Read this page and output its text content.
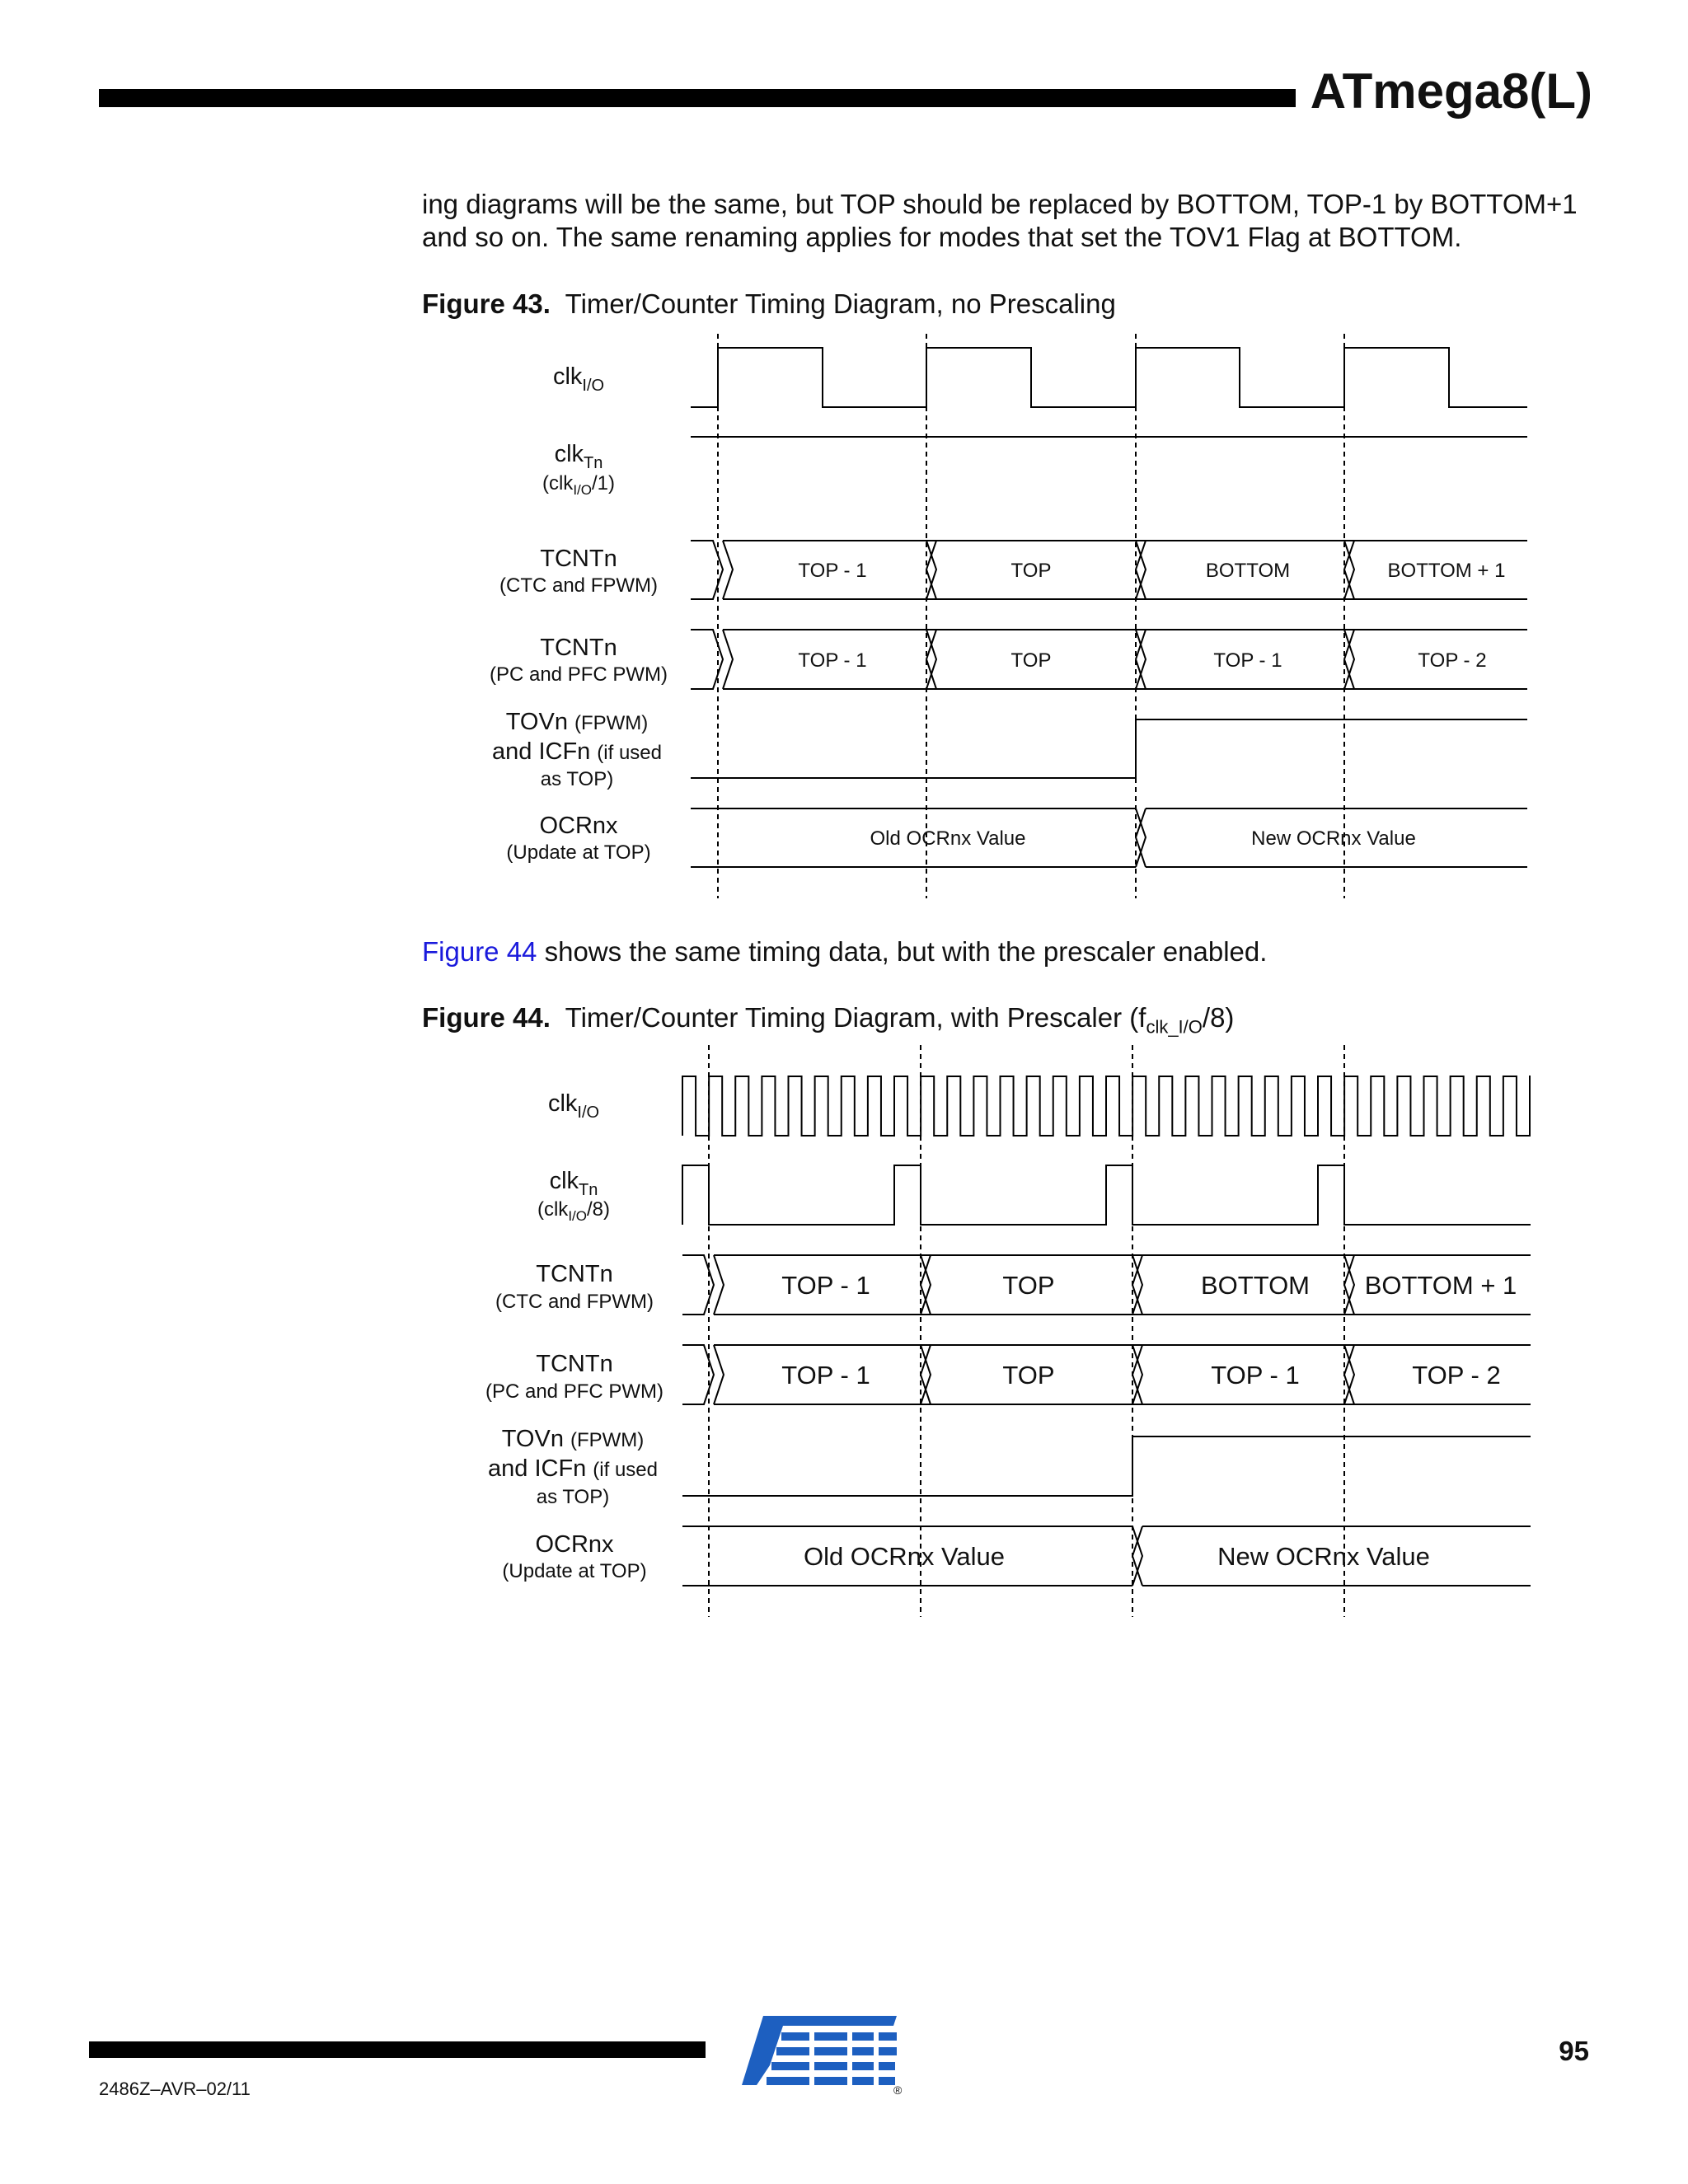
ATmega8(L)
ing diagrams will be the same, but TOP should be replaced by BOTTOM, TOP-1 by BOTTOM+1 and so on. The same renaming applies for modes that set the TOV1 Flag at BOTTOM.
Figure 43. Timer/Counter Timing Diagram, no Prescaling
clk$_{I/O}$
clk$_{Tn}$
(clk$_{I/O}$/1)
TCNTn
(CTC and FPWM)
TCNTn
(PC and PFC PWM)
TOVn (FPWM)
and ICFn (if used
as TOP)
OCRnx
(Update at TOP)
TOP - 1	TOP	BOTTOM	BOTTOM + 1
TOP - 1	TOP	TOP - 1	TOP - 2
Old OCRnx Value	New OCRnx Value
Figure 44 shows the same timing data, but with the prescaler enabled.
Figure 44. Timer/Counter Timing Diagram, with Prescaler $(f_{clk\_I/O}/8)$
clk$_{I/O}$
clk$_{Tn}$
(clk$_{I/O}$/8)
TCNTn
(CTC and FPWM)
TCNTn
(PC and PFC PWM)
TOVn (FPWM)
and ICFn (if used
as TOP)
OCRnx
(Update at TOP)
TOP - 1	TOP	BOTTOM BOTTOM + 1
TOP - 1	TOP	TOP - 1	TOP - 2
Old OCRnx Value	New OCRnx Value
2486Z–AVR–02/11
95
®
